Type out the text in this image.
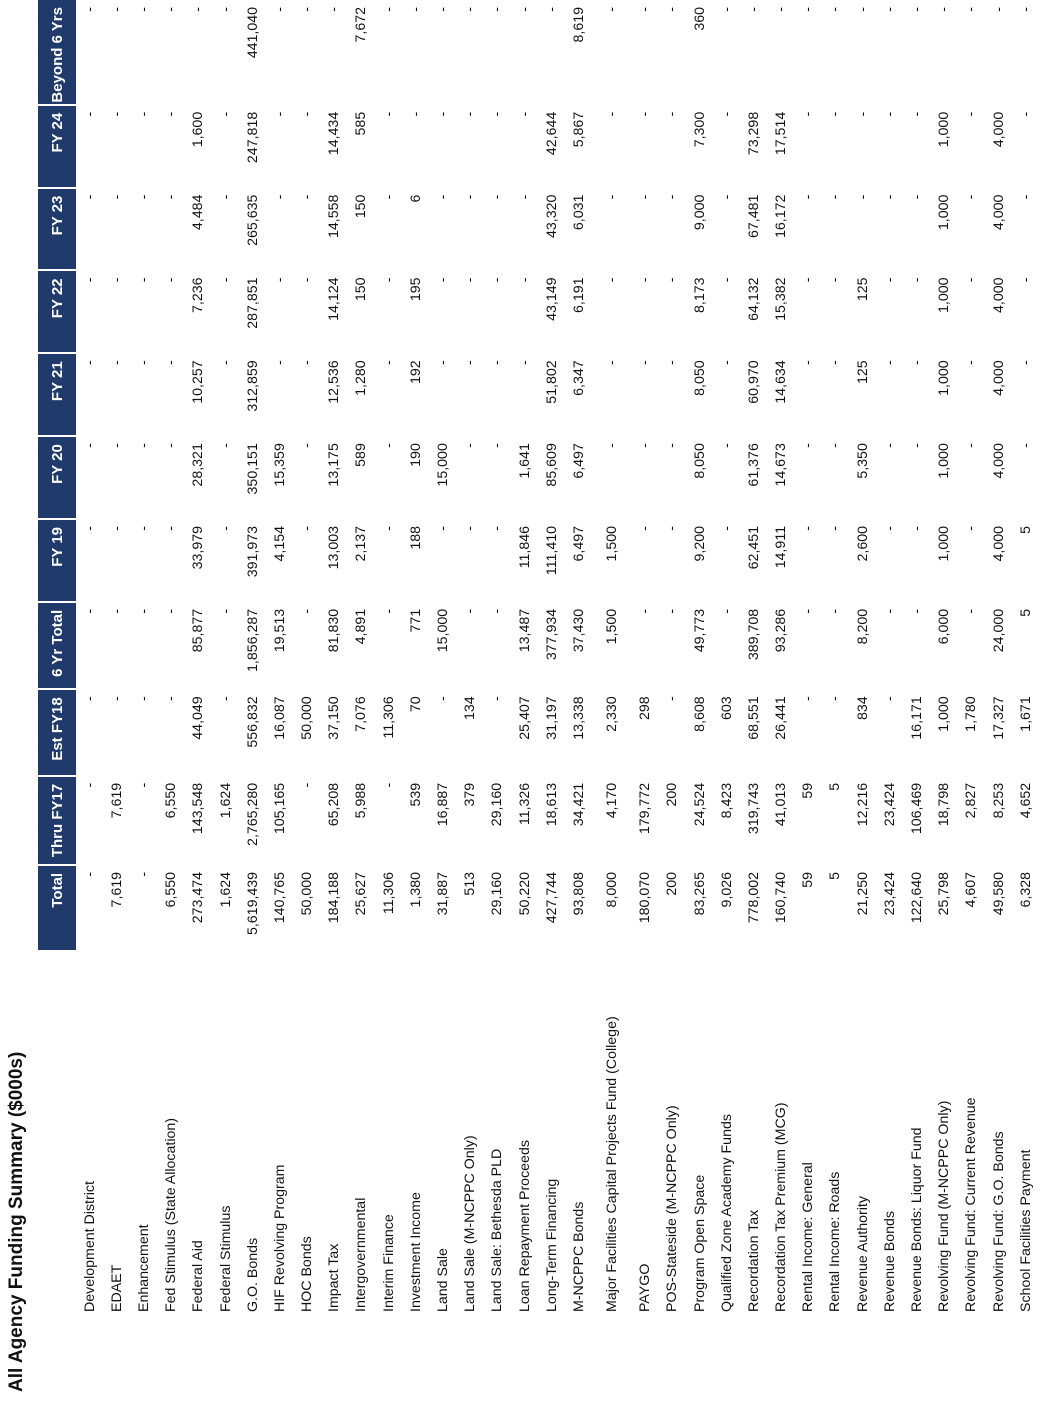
All Agency Funding Summary ($000s)
	Total	Thru FY17	Est FY18	6 Yr Total	FY 19	FY 20	FY 21	FY 22	FY 23	FY 24	Beyond 6 Yrs
Development District	-	-	-	-	-	-	-	-	-	-	-
EDAET	7,619	7,619	-	-	-	-	-	-	-	-	-
Enhancement	-	-	-	-	-	-	-	-	-	-	-
Fed Stimulus (State Allocation)	6,550	6,550	-	-	-	-	-	-	-	-	-
Federal Aid	273,474	143,548	44,049	85,877	33,979	28,321	10,257	7,236	4,484	1,600	-
Federal Stimulus	1,624	1,624	-	-	-	-	-	-	-	-	-
G.O. Bonds	5,619,439	2,765,280	556,832	1,856,287	391,973	350,151	312,859	287,851	265,635	247,818	441,040
HIF Revolving Program	140,765	105,165	16,087	19,513	4,154	15,359	-	-	-	-	-
HOC Bonds	50,000	-	50,000	-	-	-	-	-	-	-	-
Impact Tax	184,188	65,208	37,150	81,830	13,003	13,175	12,536	14,124	14,558	14,434	-
Intergovernmental	25,627	5,988	7,076	4,891	2,137	589	1,280	150	150	585	7,672
Interim Finance	11,306	-	11,306	-	-	-	-	-	-	-	-
Investment Income	1,380	539	70	771	188	190	192	195	6	-	-
Land Sale	31,887	16,887	-	15,000	-	15,000	-	-	-	-	-
Land Sale (M-NCPPC Only)	513	379	134	-	-	-	-	-	-	-	-
Land Sale: Bethesda PLD	29,160	29,160	-	-	-	-	-	-	-	-	-
Loan Repayment Proceeds	50,220	11,326	25,407	13,487	11,846	1,641	-	-	-	-	-
Long-Term Financing	427,744	18,613	31,197	377,934	111,410	85,609	51,802	43,149	43,320	42,644	-
M-NCPPC Bonds	93,808	34,421	13,338	37,430	6,497	6,497	6,347	6,191	6,031	5,867	8,619
Major Facilities Capital Projects Fund (College)	8,000	4,170	2,330	1,500	1,500	-	-	-	-	-	-
PAYGO	180,070	179,772	298	-	-	-	-	-	-	-	-
POS-Stateside (M-NCPPC Only)	200	200	-	-	-	-	-	-	-	-	-
Program Open Space	83,265	24,524	8,608	49,773	9,200	8,050	8,050	8,173	9,000	7,300	360
Qualified Zone Academy Funds	9,026	8,423	603	-	-	-	-	-	-	-	-
Recordation Tax	778,002	319,743	68,551	389,708	62,451	61,376	60,970	64,132	67,481	73,298	-
Recordation Tax Premium (MCG)	160,740	41,013	26,441	93,286	14,911	14,673	14,634	15,382	16,172	17,514	-
Rental Income: General	59	59	-	-	-	-	-	-	-	-	-
Rental Income: Roads	5	5	-	-	-	-	-	-	-	-	-
Revenue Authority	21,250	12,216	834	8,200	2,600	5,350	125	125	-	-	-
Revenue Bonds	23,424	23,424	-	-	-	-	-	-	-	-	-
Revenue Bonds: Liquor Fund	122,640	106,469	16,171	-	-	-	-	-	-	-	-
Revolving Fund (M-NCPPC Only)	25,798	18,798	1,000	6,000	1,000	1,000	1,000	1,000	1,000	1,000	-
Revolving Fund: Current Revenue	4,607	2,827	1,780	-	-	-	-	-	-	-	-
Revolving Fund: G.O. Bonds	49,580	8,253	17,327	24,000	4,000	4,000	4,000	4,000	4,000	4,000	-
School Facilities Payment	6,328	4,652	1,671	5	5	-	-	-	-	-	-
